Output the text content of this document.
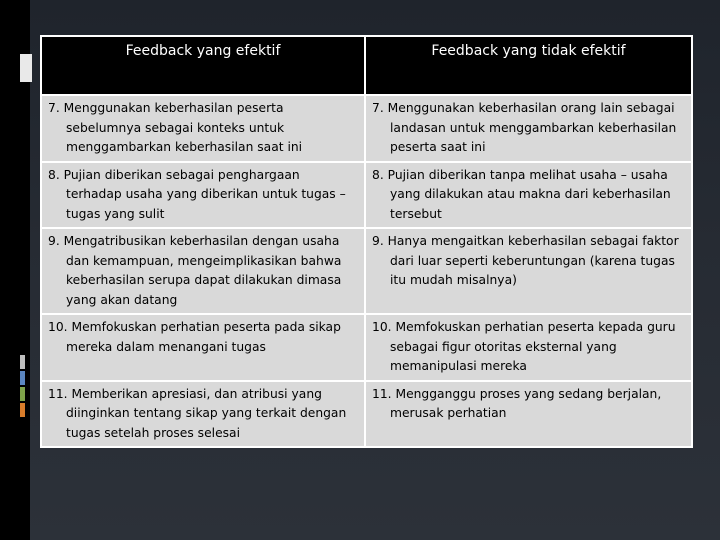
Feedback yang efektif	Feedback yang tidak efektif

7. Menggunakan keberhasilan peserta sebelumnya sebagai konteks untuk menggambarkan keberhasilan saat ini	7. Menggunakan keberhasilan orang lain sebagai landasan untuk menggambarkan keberhasilan peserta saat ini

8. Pujian diberikan sebagai penghargaan terhadap usaha yang diberikan untuk tugas – tugas yang sulit	8. Pujian diberikan tanpa melihat usaha – usaha yang dilakukan atau makna dari keberhasilan tersebut

9. Mengatribusikan keberhasilan dengan usaha dan kemampuan, mengeimplikasikan bahwa keberhasilan serupa dapat dilakukan dimasa yang akan datang	9. Hanya mengaitkan keberhasilan sebagai faktor dari luar seperti keberuntungan (karena tugas itu mudah misalnya)

10. Memfokuskan perhatian peserta pada sikap mereka dalam menangani tugas	10. Memfokuskan perhatian peserta kepada guru sebagai figur otoritas eksternal yang memanipulasi mereka

11. Memberikan apresiasi, dan atribusi yang diinginkan tentang sikap yang terkait dengan tugas setelah proses selesai	11. Mengganggu proses yang sedang berjalan, merusak perhatian
